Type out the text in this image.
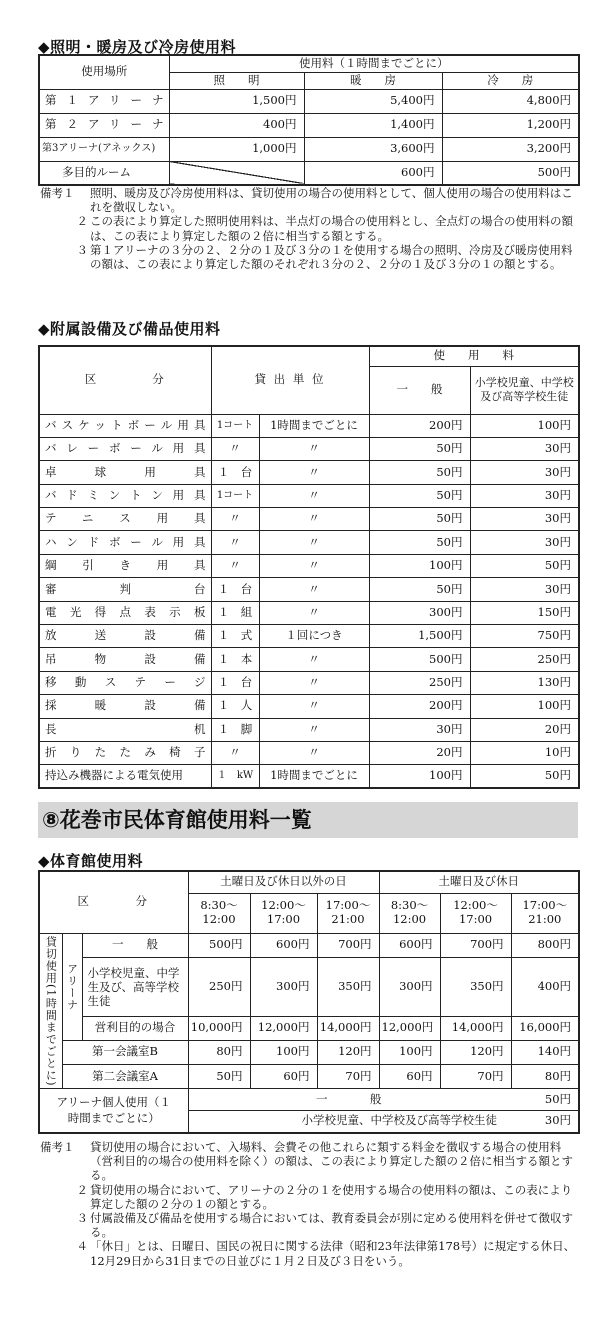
◆照明・暖房及び冷房使用料
使用場所	使用料（１時間までごとに）		
	照　　明	暖　　房	冷　　房
第１アリーナ	1,500円	5,400円	4,800円
第２アリーナ	400円	1,400円	1,200円
第3アリーナ(アネックス)	1,000円	3,600円	3,200円
多目的ルーム		600円	500円
備考１	照明、暖房及び冷房使用料は、貸切使用の場合の使用料として、個人使用の場合の使用料はこれを徴収しない。
２ この表により算定した照明使用料は、半点灯の場合の使用料とし、全点灯の場合の使用料の額は、この表により算定した額の２倍に相当する額とする。
３ 第１アリーナの３分の２、２分の１及び３分の１を使用する場合の照明、冷房及び暖房使用料の額は、この表により算定した額のそれぞれ３分の２、２分の１及び３分の１の額とする。
◆附属設備及び備品使用料
区　　　　分	貸 出 単 位		使　　用　　料	
			一　　般	小学校児童、中学校及び高等学校生徒
バスケットボール用具	1コート	1時間までごとに	200円	100円
バレーボール用具	〃	〃	50円	30円
卓球用具	１　台	〃	50円	30円
バドミントン用具	1コート	〃	50円	30円
テニス用具	〃	〃	50円	30円
ハンドボール用具	〃	〃	50円	30円
綱引き用具	〃	〃	100円	50円
審判台	１　台	〃	50円	30円
電光得点表示板	１　組	〃	300円	150円
放送設備	１　式	１回につき	1,500円	750円
吊物設備	１　本	〃	500円	250円
移動ステージ	１　台	〃	250円	130円
採暖設備	１　人	〃	200円	100円
長机	１　脚	〃	30円	20円
折りたたみ椅子	〃	〃	20円	10円
持込み機器による電気使用	１　kW	1時間までごとに	100円	50円
⑧花巻市民体育館使用料一覧
◆体育館使用料
区　　　分			土曜日及び休日以外の日			土曜日及び休日		
			8:30～12:00	12:00～17:00	17:00～21:00	8:30～12:00	12:00～17:00	17:00～21:00
貸切使用(1時間までごとに)	アリーナ	一　　般	500円	600円	700円	600円	700円	800円
		小学校児童、中学生及び、高等学校生徒	250円	300円	350円	300円	350円	400円
		営利目的の場合	10,000円	12,000円	14,000円	12,000円	14,000円	16,000円
	第一会議室B		80円	100円	120円	100円	120円	140円
	第二会議室A		50円	60円	70円	60円	70円	80円
アリーナ個人使用（１時間までごとに）			一　　　般					50円
			小学校児童、中学校及び高等学校生徒					30円
備考１	貸切使用の場合において、入場料、会費その他これらに類する料金を徴収する場合の使用料（営利目的の場合の使用料を除く）の額は、この表により算定した額の２倍に相当する額とする。
２ 貸切使用の場合において、アリーナの２分の１を使用する場合の使用料の額は、この表により算定した額の２分の１の額とする。
３ 付属設備及び備品を使用する場合においては、教育委員会が別に定める使用料を併せて徴収する。
４ 「休日」とは、日曜日、国民の祝日に関する法律（昭和23年法律第178号）に規定する休日、12月29日から31日までの日並びに１月２日及び３日をいう。
